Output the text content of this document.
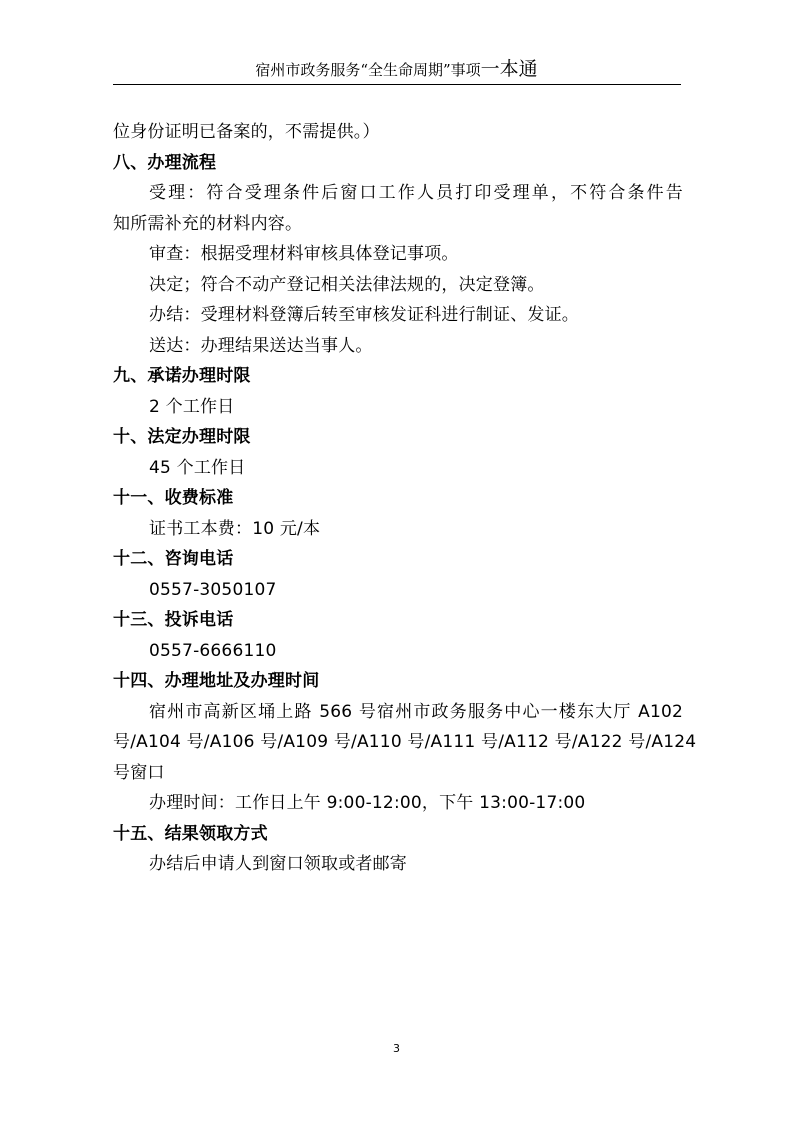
宿州市政务服务“全生命周期”事项一本通
位身份证明已备案的，不需提供。）
八、办理流程
受理：符合受理条件后窗口工作人员打印受理单，不符合条件告
知所需补充的材料内容。
审查：根据受理材料审核具体登记事项。
决定；符合不动产登记相关法律法规的，决定登簿。
办结：受理材料登簿后转至审核发证科进行制证、发证。
送达：办理结果送达当事人。
九、承诺办理时限
2 个工作日
十、法定办理时限
45 个工作日
十一、收费标准
证书工本费：10 元/本
十二、咨询电话
0557-3050107
十三、投诉电话
0557-6666110
十四、办理地址及办理时间
宿州市高新区埇上路 566 号宿州市政务服务中心一楼东大厅 A102
号/A104 号/A106 号/A109 号/A110 号/A111 号/A112 号/A122 号/A124
号窗口
办理时间：工作日上午 9:00-12:00，下午 13:00-17:00
十五、结果领取方式
办结后申请人到窗口领取或者邮寄
3
